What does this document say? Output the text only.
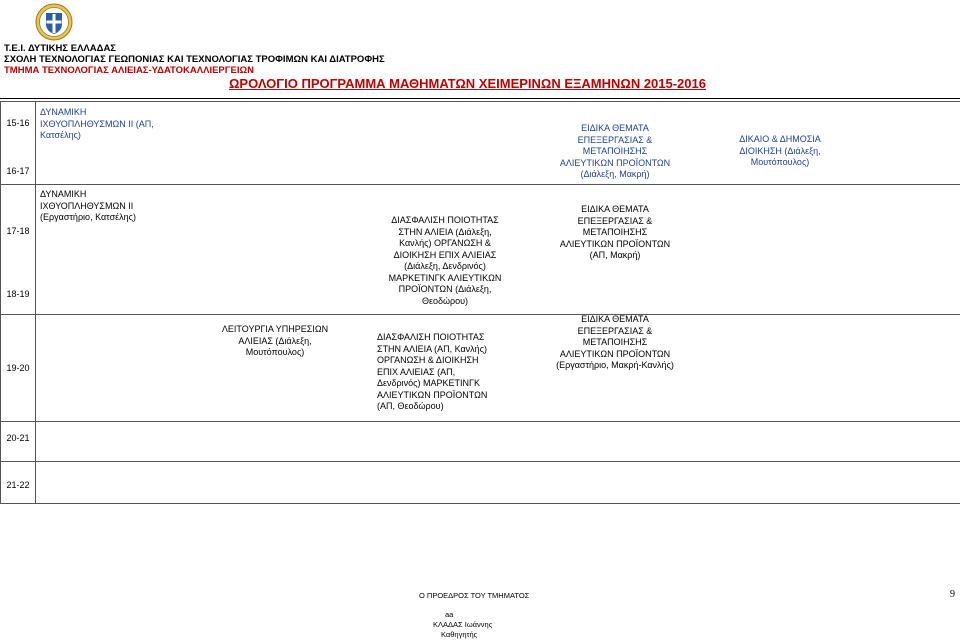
Τ.Ε.Ι. ΔΥΤΙΚΗΣ ΕΛΛΑΔΑΣ
ΣΧΟΛΗ ΤΕΧΝΟΛΟΓΙΑΣ ΓΕΩΠΟΝΙΑΣ ΚΑΙ ΤΕΧΝΟΛΟΓΙΑΣ ΤΡΟΦΙΜΩΝ ΚΑΙ ΔΙΑΤΡΟΦΗΣ
ΤΜΗΜΑ ΤΕΧΝΟΛΟΓΙΑΣ ΑΛΙΕΙΑΣ-ΥΔΑΤΟΚΑΛΛΙΕΡΓΕΙΩΝ
ΩΡΟΛΟΓΙΟ ΠΡΟΓΡΑΜΜΑ ΜΑΘΗΜΑΤΩΝ ΧΕΙΜΕΡΙΝΩΝ ΕΞΑΜΗΝΩΝ 2015-2016
15-16
16-17
17-18
18-19
19-20
20-21
21-22
ΔΥΝΑΜΙΚΗ
ΙΧΘΥΟΠΛΗΘΥΣΜΩΝ ΙΙ (ΑΠ,
Κατσέλης)
ΕΙΔΙΚΑ ΘΕΜΑΤΑ
ΕΠΕΞΕΡΓΑΣΙΑΣ &
ΜΕΤΑΠΟΙΗΣΗΣ
ΑΛΙΕΥΤΙΚΩΝ ΠΡΟΪΟΝΤΩΝ
(Διάλεξη, Μακρή)
ΔΙΚΑΙΟ & ΔΗΜΟΣΙΑ
ΔΙΟΙΚΗΣΗ (Διάλεξη,
Μουτόπουλος)
ΔΥΝΑΜΙΚΗ
ΙΧΘΥΟΠΛΗΘΥΣΜΩΝ ΙΙ
(Εργαστήριο, Κατσέλης)	ΔΙΑΣΦΑΛΙΣΗ ΠΟΙΟΤΗΤΑΣ
ΣΤΗΝ ΑΛΙΕΙΑ (Διάλεξη,
Κανλής) ΟΡΓΑΝΩΣΗ &
ΔΙΟΙΚΗΣΗ ΕΠΙΧ ΑΛΙΕΙΑΣ
(Διάλεξη, Δενδρινός)
ΜΑΡΚΕΤΙΝΓΚ ΑΛΙΕΥΤΙΚΩΝ
ΠΡΟΪΟΝΤΩΝ (Διάλεξη,
Θεοδώρου)
ΕΙΔΙΚΑ ΘΕΜΑΤΑ
ΕΠΕΞΕΡΓΑΣΙΑΣ &
ΜΕΤΑΠΟΙΗΣΗΣ
ΑΛΙΕΥΤΙΚΩΝ ΠΡΟΪΟΝΤΩΝ
(ΑΠ, Μακρή)
ΛΕΙΤΟΥΡΓΙΑ ΥΠΗΡΕΣΙΩΝ
ΑΛΙΕΙΑΣ (Διάλεξη,
Μουτόπουλος)
ΔΙΑΣΦΑΛΙΣΗ ΠΟΙΟΤΗΤΑΣ
ΣΤΗΝ ΑΛΙΕΙΑ (ΑΠ, Κανλής)
ΟΡΓΑΝΩΣΗ & ΔΙΟΙΚΗΣΗ
ΕΠΙΧ ΑΛΙΕΙΑΣ (ΑΠ,
Δενδρινός) ΜΑΡΚΕΤΙΝΓΚ
ΑΛΙΕΥΤΙΚΩΝ ΠΡΟΪΟΝΤΩΝ
(ΑΠ, Θεοδώρου)
ΕΙΔΙΚΑ ΘΕΜΑΤΑ
ΕΠΕΞΕΡΓΑΣΙΑΣ &
ΜΕΤΑΠΟΙΗΣΗΣ
ΑΛΙΕΥΤΙΚΩΝ ΠΡΟΪΟΝΤΩΝ
(Εργαστήριο, Μακρή-Κανλής)
Ο ΠΡΟΕΔΡΟΣ ΤΟΥ ΤΜΗΜΑΤΟΣ
aa
ΚΛΑΔΑΣ Ιωάννης
Καθηγητής
9
